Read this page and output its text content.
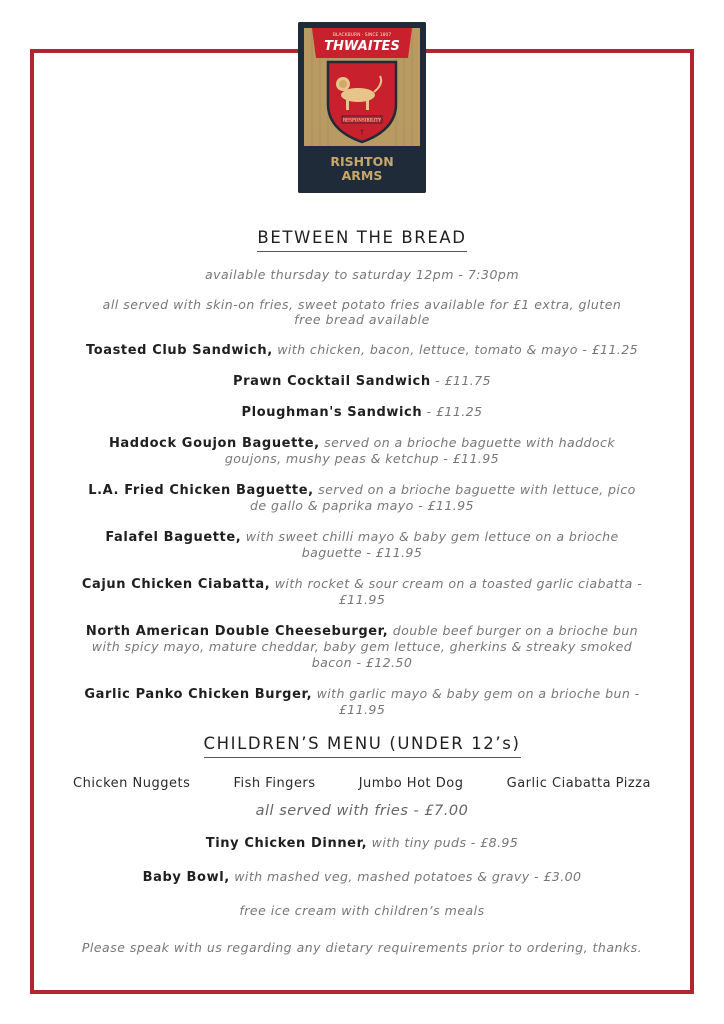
BLACKBURN · SINCE 1807
THWAITES
RESPONSIBILITY
†
RISHTON
ARMS
BETWEEN THE BREAD
available thursday to saturday 12pm - 7:30pm
all served with skin-on fries, sweet potato fries available for £1 extra, gluten free bread available
Toasted Club Sandwich, with chicken, bacon, lettuce, tomato & mayo - £11.25
Prawn Cocktail Sandwich - £11.75
Ploughman's Sandwich - £11.25
Haddock Goujon Baguette, served on a brioche baguette with haddock goujons, mushy peas & ketchup - £11.95
L.A. Fried Chicken Baguette, served on a brioche baguette with lettuce, pico de gallo & paprika mayo - £11.95
Falafel Baguette, with sweet chilli mayo & baby gem lettuce on a brioche baguette - £11.95
Cajun Chicken Ciabatta, with rocket & sour cream on a toasted garlic ciabatta - £11.95
North American Double Cheeseburger, double beef burger on a brioche bun with spicy mayo, mature cheddar, baby gem lettuce, gherkins & streaky smoked bacon - £12.50
Garlic Panko Chicken Burger, with garlic mayo & baby gem on a brioche bun - £11.95
CHILDREN’S MENU (UNDER 12’s)
Chicken Nuggets	Fish Fingers	Jumbo Hot Dog	Garlic Ciabatta Pizza
all served with fries - £7.00
Tiny Chicken Dinner, with tiny puds - £8.95
Baby Bowl, with mashed veg, mashed potatoes & gravy - £3.00
free ice cream with children’s meals
Please speak with us regarding any dietary requirements prior to ordering, thanks.
